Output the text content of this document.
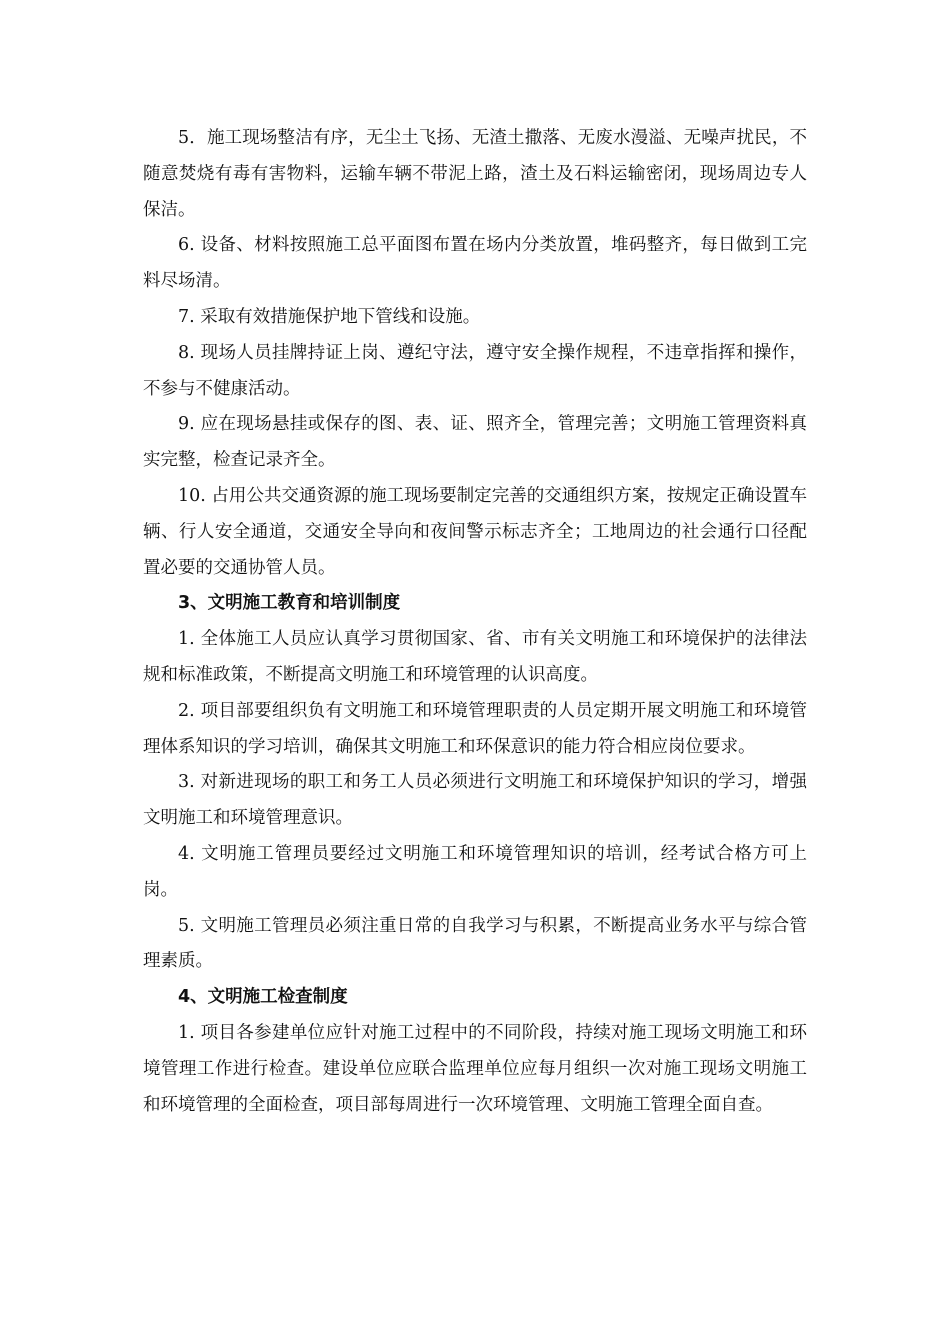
5．施工现场整洁有序，无尘土飞扬、无渣土撒落、无废水漫溢、无噪声扰民，不随意焚烧有毒有害物料，运输车辆不带泥上路，渣土及石料运输密闭，现场周边专人保洁。

6. 设备、材料按照施工总平面图布置在场内分类放置，堆码整齐，每日做到工完料尽场清。

7. 采取有效措施保护地下管线和设施。

8. 现场人员挂牌持证上岗、遵纪守法，遵守安全操作规程，不违章指挥和操作，不参与不健康活动。

9. 应在现场悬挂或保存的图、表、证、照齐全，管理完善；文明施工管理资料真实完整，检查记录齐全。

10. 占用公共交通资源的施工现场要制定完善的交通组织方案，按规定正确设置车辆、行人安全通道，交通安全导向和夜间警示标志齐全；工地周边的社会通行口径配置必要的交通协管人员。

3、文明施工教育和培训制度

1. 全体施工人员应认真学习贯彻国家、省、市有关文明施工和环境保护的法律法规和标准政策，不断提高文明施工和环境管理的认识高度。

2. 项目部要组织负有文明施工和环境管理职责的人员定期开展文明施工和环境管理体系知识的学习培训，确保其文明施工和环保意识的能力符合相应岗位要求。

3. 对新进现场的职工和务工人员必须进行文明施工和环境保护知识的学习，增强文明施工和环境管理意识。

4. 文明施工管理员要经过文明施工和环境管理知识的培训，经考试合格方可上岗。

5. 文明施工管理员必须注重日常的自我学习与积累，不断提高业务水平与综合管理素质。

4、文明施工检查制度

1. 项目各参建单位应针对施工过程中的不同阶段，持续对施工现场文明施工和环境管理工作进行检查。建设单位应联合监理单位应每月组织一次对施工现场文明施工和环境管理的全面检查，项目部每周进行一次环境管理、文明施工管理全面自查。
